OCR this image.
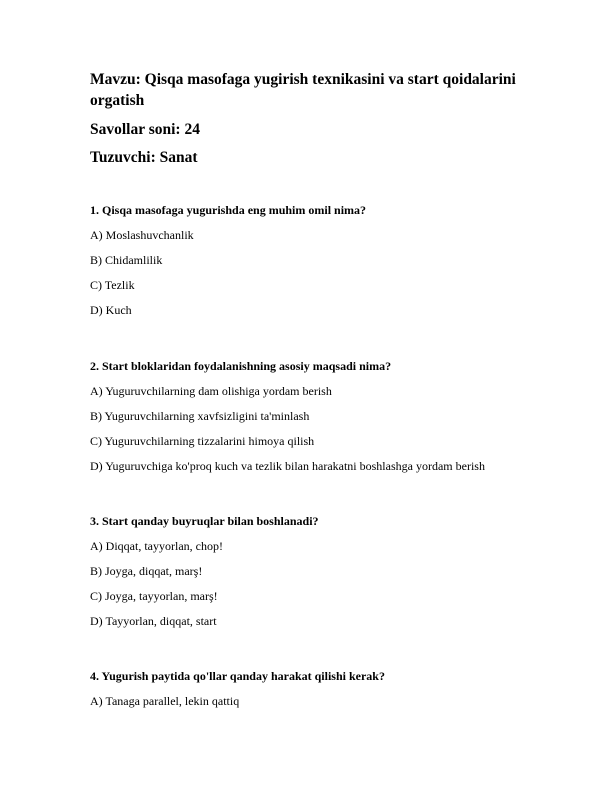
Mavzu: Qisqa masofaga yugirish texnikasini va start qoidalarini orgatish
Savollar soni: 24
Tuzuvchi: Sanat
1. Qisqa masofaga yugurishda eng muhim omil nima?
A) Moslashuvchanlik
B) Chidamlilik
C) Tezlik
D) Kuch
2. Start bloklaridan foydalanishning asosiy maqsadi nima?
A) Yuguruvchilarning dam olishiga yordam berish
B) Yuguruvchilarning xavfsizligini ta'minlash
C) Yuguruvchilarning tizzalarini himoya qilish
D) Yuguruvchiga ko'proq kuch va tezlik bilan harakatni boshlashga yordam berish
3. Start qanday buyruqlar bilan boshlanadi?
A) Diqqat, tayyorlan, chop!
B) Joyga, diqqat, marş!
C) Joyga, tayyorlan, marş!
D) Tayyorlan, diqqat, start
4. Yugurish paytida qo'llar qanday harakat qilishi kerak?
A) Tanaga parallel, lekin qattiq
